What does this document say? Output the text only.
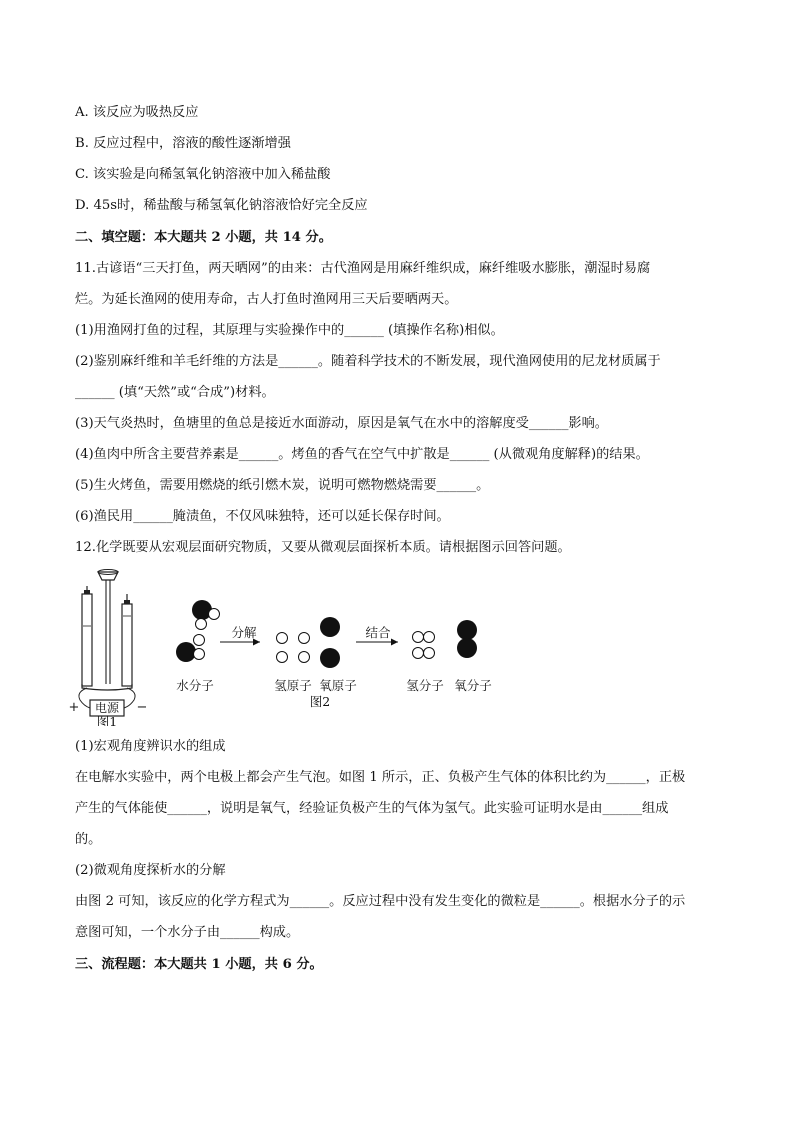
A. 该反应为吸热反应
B. 反应过程中，溶液的酸性逐渐增强
C. 该实验是向稀氢氧化钠溶液中加入稀盐酸
D. 45s时，稀盐酸与稀氢氧化钠溶液恰好完全反应
二、填空题：本大题共 2 小题，共 14 分。
11.古谚语“三天打鱼，两天晒网”的由来：古代渔网是用麻纤维织成，麻纤维吸水膨胀，潮湿时易腐
烂。为延长渔网的使用寿命，古人打鱼时渔网用三天后要晒两天。
(1)用渔网打鱼的过程，其原理与实验操作中的______ (填操作名称)相似。
(2)鉴别麻纤维和羊毛纤维的方法是______。随着科学技术的不断发展，现代渔网使用的尼龙材质属于
______ (填“天然”或“合成”)材料。
(3)天气炎热时，鱼塘里的鱼总是接近水面游动，原因是氧气在水中的溶解度受______影响。
(4)鱼肉中所含主要营养素是______。烤鱼的香气在空气中扩散是______ (从微观角度解释)的结果。
(5)生火烤鱼，需要用燃烧的纸引燃木炭，说明可燃物燃烧需要______。
(6)渔民用______腌渍鱼，不仅风味独特，还可以延长保存时间。
12.化学既要从宏观层面研究物质，又要从微观层面探析本质。请根据图示回答问题。
电源
+	−
图1
水分子
分解
氢原子 氧原子
图2
结合
氢分子 氧分子
(1)宏观角度辨识水的组成
在电解水实验中，两个电极上都会产生气泡。如图 1 所示，正、负极产生气体的体积比约为______，正极
产生的气体能使______，说明是氧气，经验证负极产生的气体为氢气。此实验可证明水是由______组成
的。
(2)微观角度探析水的分解
由图 2 可知，该反应的化学方程式为______。反应过程中没有发生变化的微粒是______。根据水分子的示
意图可知，一个水分子由______构成。
三、流程题：本大题共 1 小题，共 6 分。
